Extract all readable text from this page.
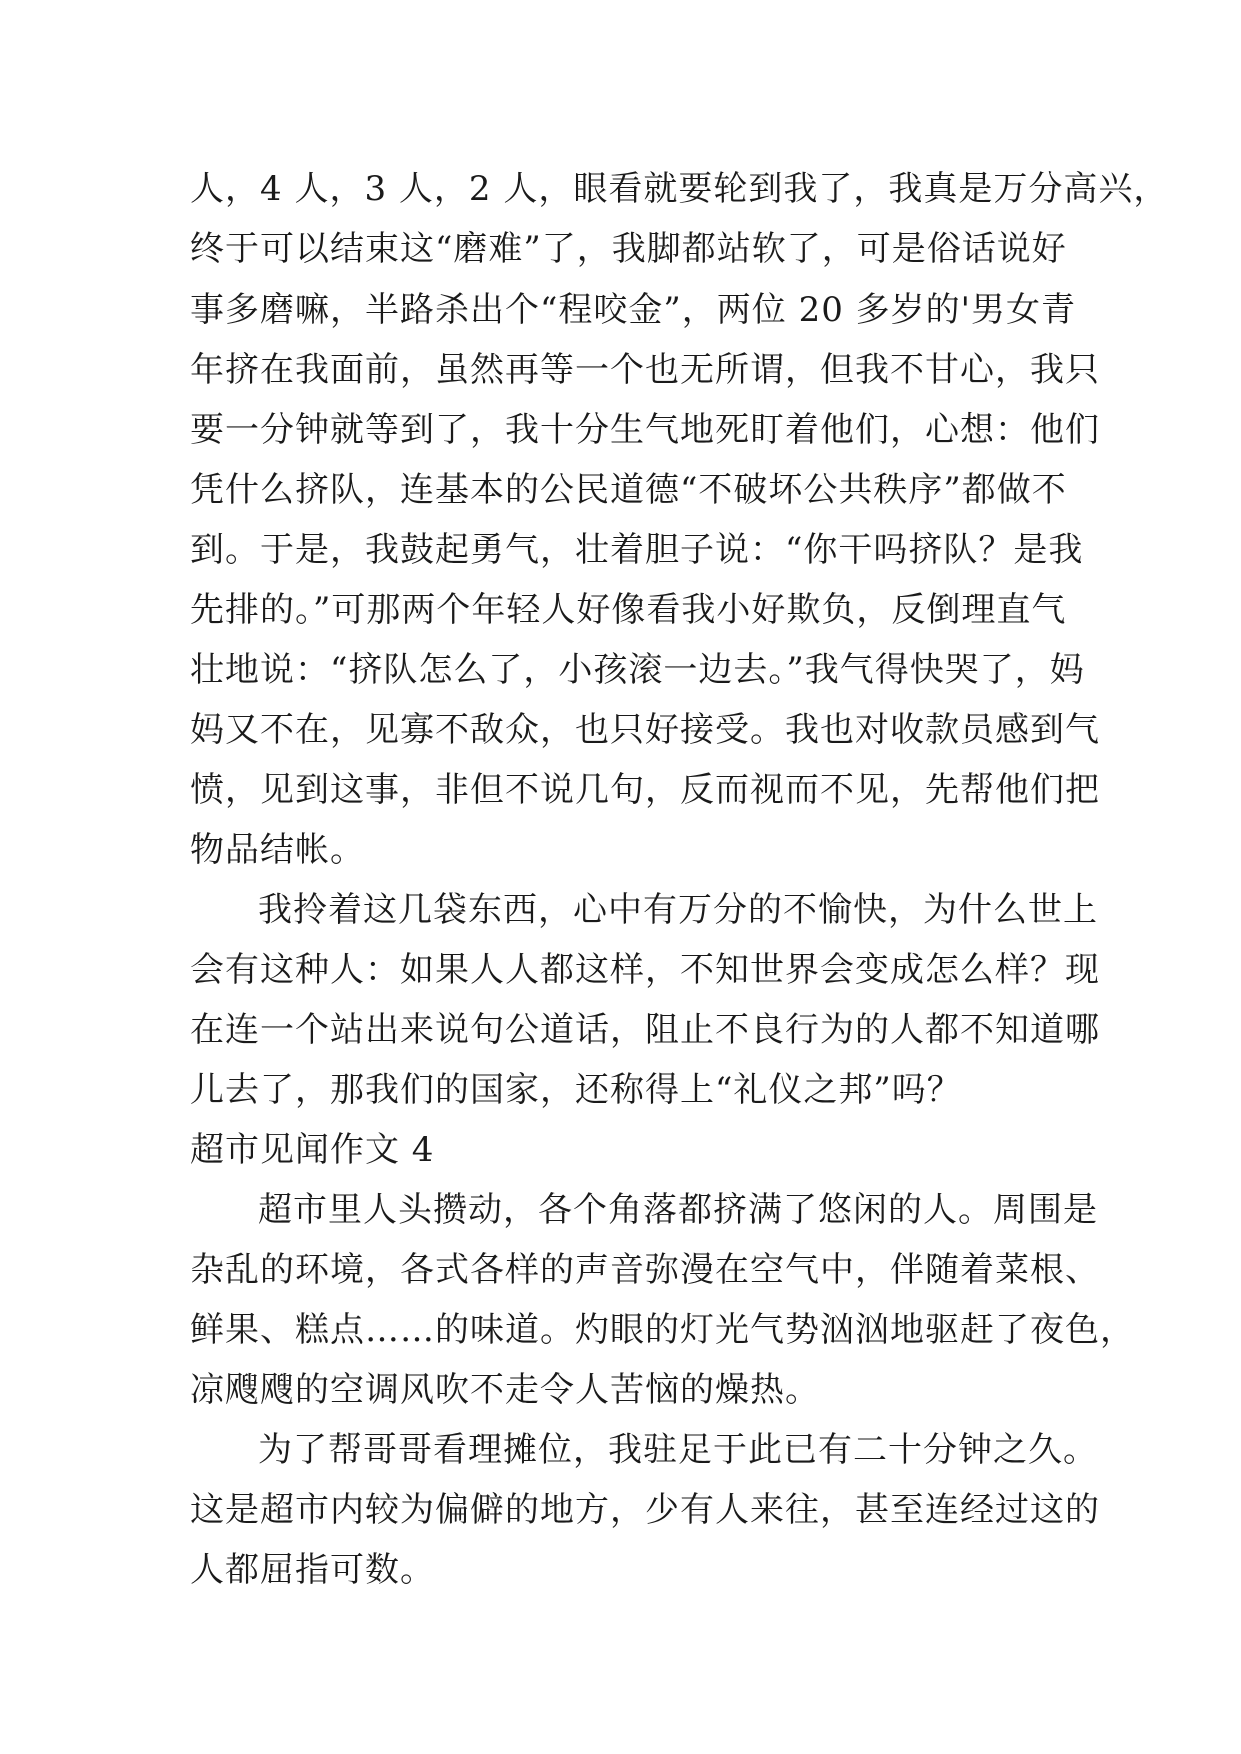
人，4 人，3 人，2 人，眼看就要轮到我了，我真是万分高兴，
终于可以结束这“磨难”了，我脚都站软了，可是俗话说好
事多磨嘛，半路杀出个“程咬金”，两位 20 多岁的'男女青
年挤在我面前，虽然再等一个也无所谓，但我不甘心，我只
要一分钟就等到了，我十分生气地死盯着他们，心想：他们
凭什么挤队，连基本的公民道德“不破坏公共秩序”都做不
到。于是，我鼓起勇气，壮着胆子说：“你干吗挤队？是我
先排的。”可那两个年轻人好像看我小好欺负，反倒理直气
壮地说：“挤队怎么了，小孩滚一边去。”我气得快哭了，妈
妈又不在，见寡不敌众，也只好接受。我也对收款员感到气
愤，见到这事，非但不说几句，反而视而不见，先帮他们把
物品结帐。
我拎着这几袋东西，心中有万分的不愉快，为什么世上
会有这种人：如果人人都这样，不知世界会变成怎么样？现
在连一个站出来说句公道话，阻止不良行为的人都不知道哪
儿去了，那我们的国家，还称得上“礼仪之邦”吗？
超市见闻作文 4
超市里人头攒动，各个角落都挤满了悠闲的人。周围是
杂乱的环境，各式各样的声音弥漫在空气中，伴随着菜根、
鲜果、糕点……的味道。灼眼的灯光气势汹汹地驱赶了夜色，
凉飕飕的空调风吹不走令人苦恼的燥热。
为了帮哥哥看理摊位，我驻足于此已有二十分钟之久。
这是超市内较为偏僻的地方，少有人来往，甚至连经过这的
人都屈指可数。
